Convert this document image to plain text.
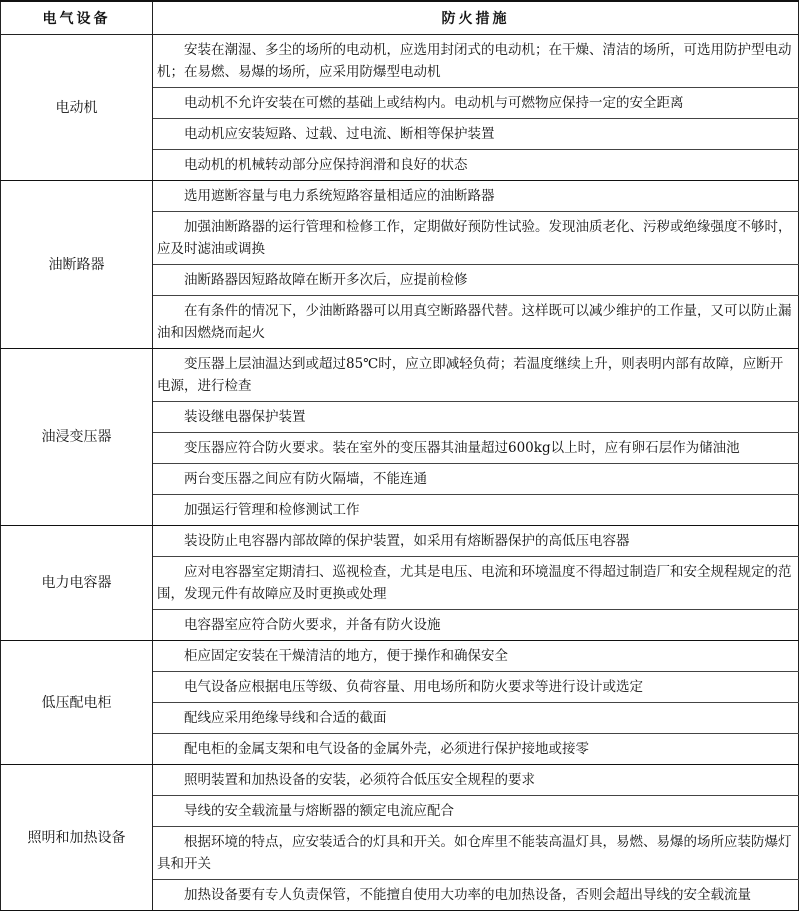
电气设备	防火措施
电动机	安装在潮湿、多尘的场所的电动机，应选用封闭式的电动机；在干燥、清洁的场所，可选用防护型电动机；在易燃、易爆的场所，应采用防爆型电动机
	电动机不允许安装在可燃的基础上或结构内。电动机与可燃物应保持一定的安全距离
	电动机应安装短路、过载、过电流、断相等保护装置
	电动机的机械转动部分应保持润滑和良好的状态
油断路器	选用遮断容量与电力系统短路容量相适应的油断路器
	加强油断路器的运行管理和检修工作，定期做好预防性试验。发现油质老化、污秽或绝缘强度不够时，应及时滤油或调换
	油断路器因短路故障在断开多次后，应提前检修
	在有条件的情况下，少油断路器可以用真空断路器代替。这样既可以减少维护的工作量，又可以防止漏油和因燃烧而起火
油浸变压器	变压器上层油温达到或超过85℃时，应立即减轻负荷；若温度继续上升，则表明内部有故障，应断开电源，进行检查
	装设继电器保护装置
	变压器应符合防火要求。装在室外的变压器其油量超过600kg以上时，应有卵石层作为储油池
	两台变压器之间应有防火隔墙，不能连通
	加强运行管理和检修测试工作
电力电容器	装设防止电容器内部故障的保护装置，如采用有熔断器保护的高低压电容器
	应对电容器室定期清扫、巡视检查，尤其是电压、电流和环境温度不得超过制造厂和安全规程规定的范围，发现元件有故障应及时更换或处理
	电容器室应符合防火要求，并备有防火设施
低压配电柜	柜应固定安装在干燥清洁的地方，便于操作和确保安全
	电气设备应根据电压等级、负荷容量、用电场所和防火要求等进行设计或选定
	配线应采用绝缘导线和合适的截面
	配电柜的金属支架和电气设备的金属外壳，必须进行保护接地或接零
照明和加热设备	照明装置和加热设备的安装，必须符合低压安全规程的要求
	导线的安全载流量与熔断器的额定电流应配合
	根据环境的特点，应安装适合的灯具和开关。如仓库里不能装高温灯具，易燃、易爆的场所应装防爆灯具和开关
	加热设备要有专人负责保管，不能擅自使用大功率的电加热设备，否则会超出导线的安全载流量
